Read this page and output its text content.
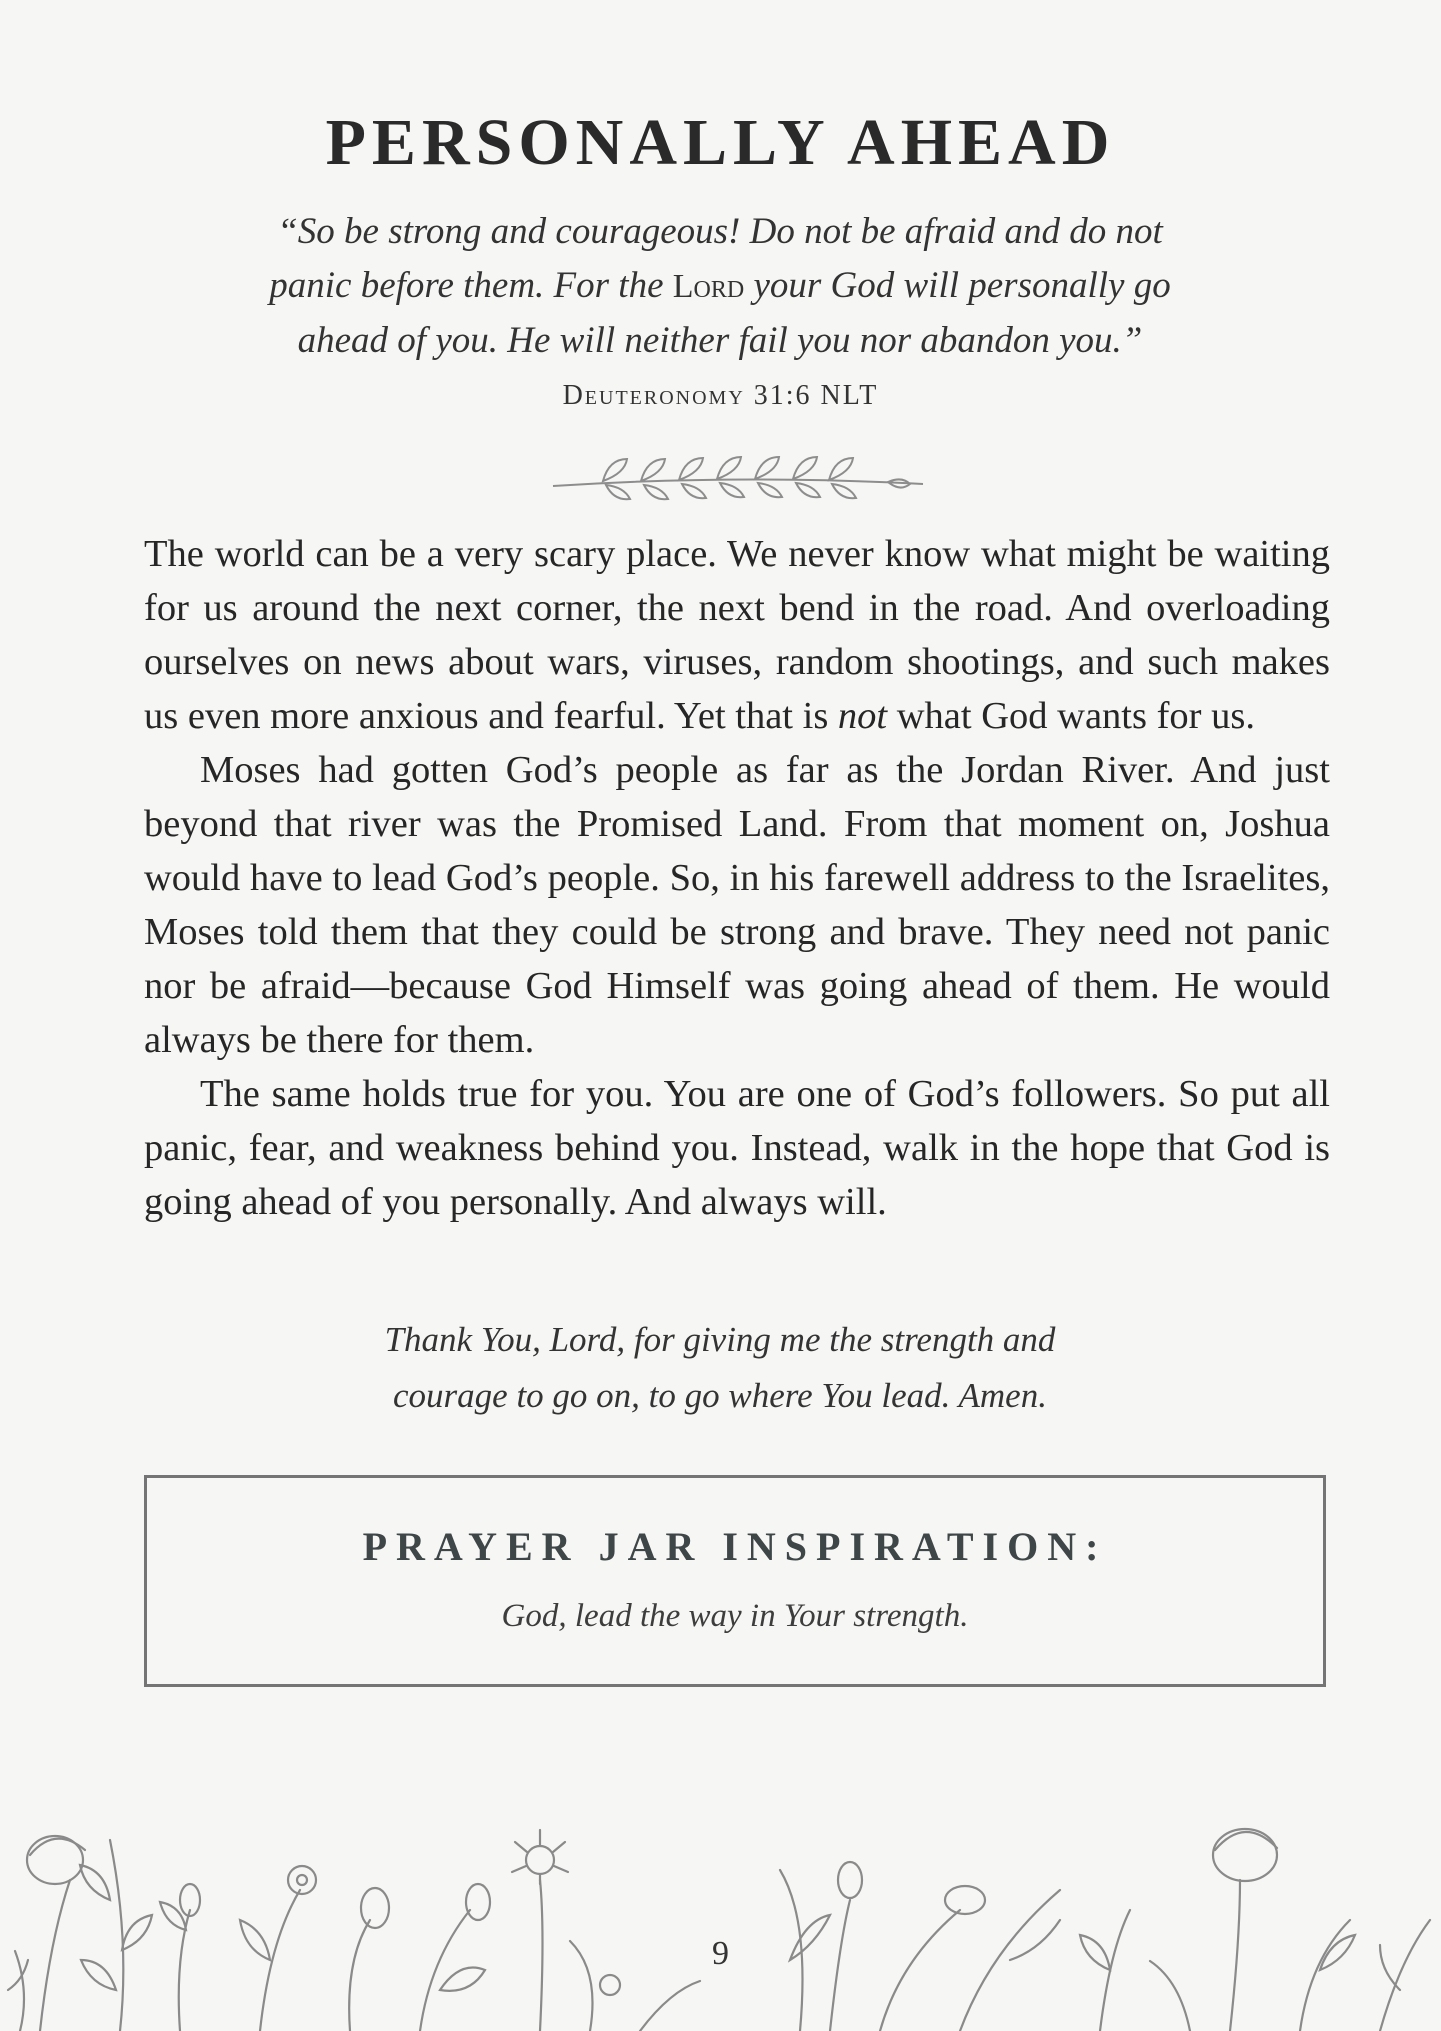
PERSONALLY AHEAD
“So be strong and courageous! Do not be afraid and do not
panic before them. For the Lord your God will personally go
ahead of you. He will neither fail you nor abandon you.”
Deuteronomy 31:6 NLT

The world can be a very scary place. We never know what might be waiting for us around the next corner, the next bend in the road. And overloading ourselves on news about wars, viruses, random shootings, and such makes us even more anxious and fearful. Yet that is not what God wants for us.

Moses had gotten God’s people as far as the Jordan River. And just beyond that river was the Promised Land. From that moment on, Joshua would have to lead God’s people. So, in his farewell address to the Israelites, Moses told them that they could be strong and brave. They need not panic nor be afraid—because God Himself was going ahead of them. He would always be there for them.

The same holds true for you. You are one of God’s followers. So put all panic, fear, and weakness behind you. Instead, walk in the hope that God is going ahead of you personally. And always will.

Thank You, Lord, for giving me the strength and
courage to go on, to go where You lead. Amen.
PRAYER JAR INSPIRATION:
God, lead the way in Your strength.
9
